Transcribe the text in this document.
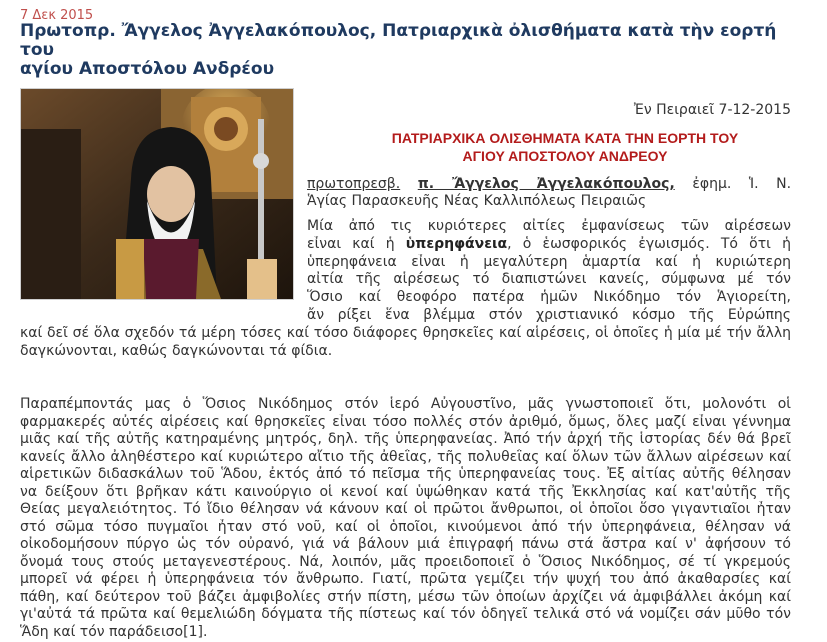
7 Δεκ 2015
Πρωτοπρ. Ἄγγελος Ἀγγελακόπουλος, Πατριαρχικὰ ὀλισθήματα κατὰ τὴν εορτή του
αγίου Αποστόλου Ανδρέου
Ἐν Πειραιεῖ 7-12-2015
ΠΑΤΡΙΑΡΧΙΚΑ ΟΛΙΣΘΗΜΑΤΑ ΚΑΤΑ ΤΗΝ ΕΟΡΤΗ ΤΟΥ
ΑΓΙΟΥ ΑΠΟΣΤΟΛΟΥ ΑΝΔΡΕΟΥ
πρωτοπρεσβ. π. Ἄγγελος Ἀγγελακόπουλος, ἐφημ. Ἱ. Ν.
Ἁγίας Παρασκευῆς Νέας Καλλιπόλεως Πειραιῶς
Μία ἀπό τις κυριότερες αἰτίες ἐμφανίσεως τῶν αἱρέσεων
εἶναι καί ἡ ὑπερηφάνεια, ὁ ἑωσφορικός ἐγωισμός. Τό ὅτι ἡ
ὑπερηφάνεια εἶναι ἡ μεγαλύτερη ἁμαρτία καί ἡ κυριώτερη
αἰτία τῆς αἱρέσεως τό διαπιστώνει κανείς, σύμφωνα μέ τόν
Ὅσιο καί θεοφόρο πατέρα ἡμῶν Νικόδημο τόν Ἁγιορείτη,
ἄν ρίξει ἕνα βλέμμα στόν χριστιανικό κόσμο τῆς Εὐρώπης
καί δεῖ σέ ὅλα σχεδόν τά μέρη τόσες καί τόσο διάφορες θρησκεῖες καί αἱρέσεις, οἱ ὁποῖες ἡ μία μέ τήν ἄλλη
δαγκώνονται, καθώς δαγκώνονται τά φίδια.
Παραπέμποντάς μας ὁ Ὅσιος Νικόδημος στόν ἱερό Αὐγουστῖνο, μᾶς γνωστοποιεῖ ὅτι, μολονότι οἱ
φαρμακερές αὐτές αἱρέσεις καί θρησκεῖες εἶναι τόσο πολλές στόν ἀριθμό, ὅμως, ὅλες μαζί εἶναι γέννημα
μιᾶς καί τῆς αὐτῆς κατηραμένης μητρός, δηλ. τῆς ὑπερηφανείας. Ἀπό τήν ἀρχή τῆς ἱστορίας δέν θά βρεῖ
κανείς ἄλλο ἀληθέστερο καί κυριώτερο αἴτιο τῆς ἀθεΐας, τῆς πολυθεΐας καί ὅλων τῶν ἄλλων αἱρέσεων καί
αἱρετικῶν διδασκάλων τοῦ Ἅδου, ἐκτός ἀπό τό πεῖσμα τῆς ὑπερηφανείας τους. Ἐξ αἰτίας αὐτῆς θέλησαν
να δείξουν ὅτι βρῆκαν κάτι καινούργιο οἱ κενοί καί ὑψώθηκαν κατά τῆς Ἐκκλησίας καί κατ'αὐτῆς τῆς
Θείας μεγαλειότητος. Τό ἴδιο θέλησαν νά κάνουν καί οἱ πρῶτοι ἄνθρωποι, οἱ ὁποῖοι ὅσο γιγαντιαῖοι ἦταν
στό σῶμα τόσο πυγμαῖοι ἦταν στό νοῦ, καί οἱ ὁποῖοι, κινούμενοι ἀπό τήν ὑπερηφάνεια, θέλησαν νά
οἰκοδομήσουν πύργο ὡς τόν οὐρανό, γιά νά βάλουν μιά ἐπιγραφή πάνω στά ἄστρα καί ν' ἀφήσουν τό
ὄνομά τους στούς μεταγενεστέρους. Νά, λοιπόν, μᾶς προειδοποιεῖ ὁ Ὅσιος Νικόδημος, σέ τί γκρεμούς
μπορεῖ νά φέρει ἡ ὑπερηφάνεια τόν ἄνθρωπο. Γιατί, πρῶτα γεμίζει τήν ψυχή του ἀπό ἀκαθαρσίες καί
πάθη, καί δεύτερον τοῦ βάζει ἀμφιβολίες στήν πίστη, μέσω τῶν ὁποίων ἀρχίζει νά ἀμφιβάλλει ἀκόμη καί
γι'αὐτά τά πρῶτα καί θεμελιώδη δόγματα τῆς πίστεως καί τόν ὁδηγεῖ τελικά στό νά νομίζει σάν μῦθο τόν
Ἅδη καί τόν παράδεισο[1].
